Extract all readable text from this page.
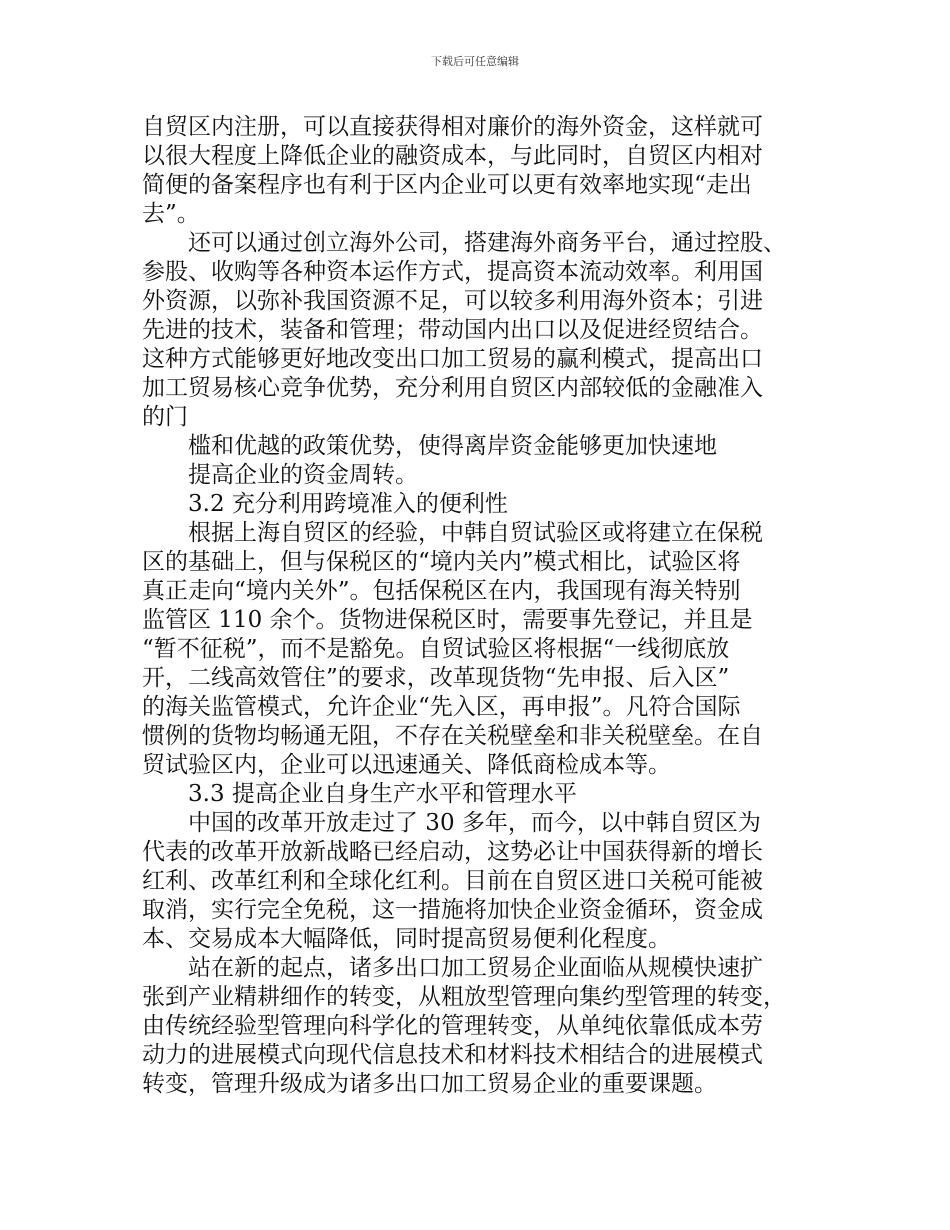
下载后可任意编辑
自贸区内注册，可以直接获得相对廉价的海外资金，这样就可
以很大程度上降低企业的融资成本，与此同时，自贸区内相对
简便的备案程序也有利于区内企业可以更有效率地实现“走出
去”。
还可以通过创立海外公司，搭建海外商务平台，通过控股、
参股、收购等各种资本运作方式，提高资本流动效率。利用国
外资源，以弥补我国资源不足，可以较多利用海外资本；引进
先进的技术，装备和管理；带动国内出口以及促进经贸结合。
这种方式能够更好地改变出口加工贸易的赢利模式，提高出口
加工贸易核心竞争优势，充分利用自贸区内部较低的金融准入
的门
槛和优越的政策优势，使得离岸资金能够更加快速地
提高企业的资金周转。
3.2 充分利用跨境准入的便利性
根据上海自贸区的经验，中韩自贸试验区或将建立在保税
区的基础上，但与保税区的“境内关内”模式相比，试验区将
真正走向“境内关外”。包括保税区在内，我国现有海关特别
监管区 110 余个。货物进保税区时，需要事先登记，并且是
“暂不征税”，而不是豁免。自贸试验区将根据“一线彻底放
开，二线高效管住”的要求，改革现货物“先申报、后入区”
的海关监管模式，允许企业“先入区，再申报”。凡符合国际
惯例的货物均畅通无阻，不存在关税壁垒和非关税壁垒。在自
贸试验区内，企业可以迅速通关、降低商检成本等。
3.3 提高企业自身生产水平和管理水平
中国的改革开放走过了 30 多年，而今，以中韩自贸区为
代表的改革开放新战略已经启动，这势必让中国获得新的增长
红利、改革红利和全球化红利。目前在自贸区进口关税可能被
取消，实行完全免税，这一措施将加快企业资金循环，资金成
本、交易成本大幅降低，同时提高贸易便利化程度。
站在新的起点，诸多出口加工贸易企业面临从规模快速扩
张到产业精耕细作的转变，从粗放型管理向集约型管理的转变，
由传统经验型管理向科学化的管理转变，从单纯依靠低成本劳
动力的进展模式向现代信息技术和材料技术相结合的进展模式
转变，管理升级成为诸多出口加工贸易企业的重要课题。
